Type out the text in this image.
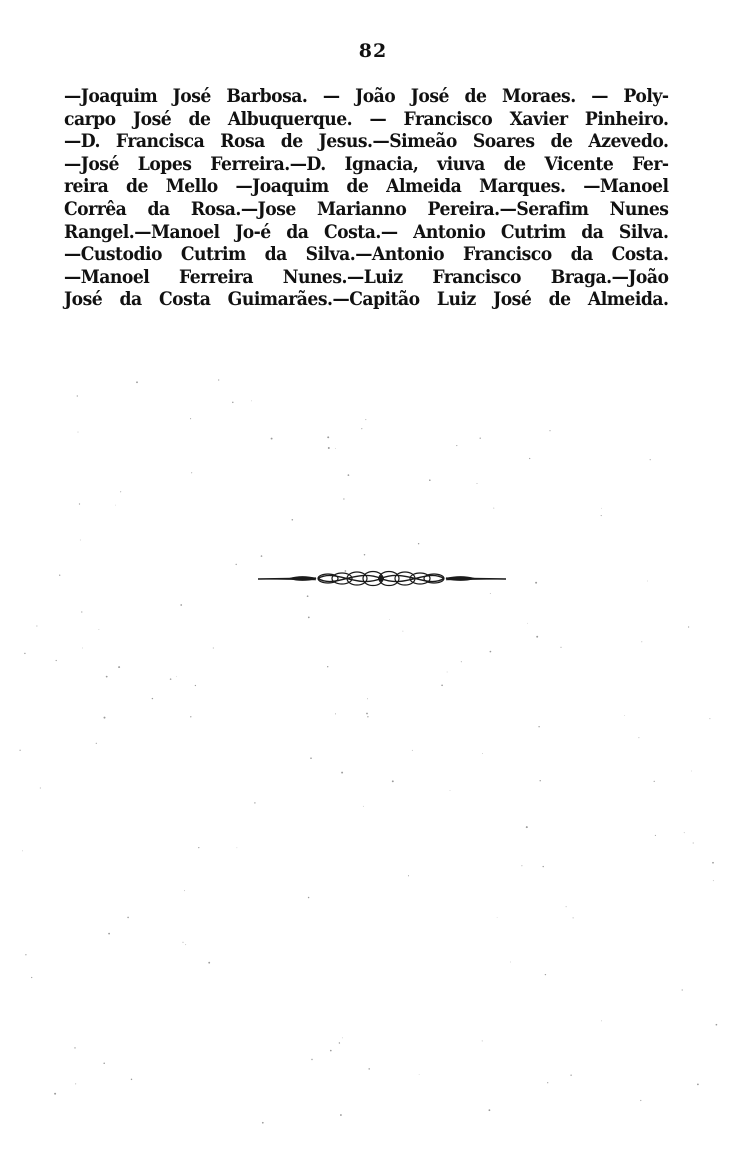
82
—Joaquim José Barbosa. — João José de Moraes. — Poly-
carpo José de Albuquerque. — Francisco Xavier Pinheiro.
—D. Francisca Rosa de Jesus.—Simeão Soares de Azevedo.
—José Lopes Ferreira.—D. Ignacia, viuva de Vicente Fer-
reira de Mello —Joaquim de Almeida Marques. —Manoel
Corrêa da Rosa.—Jose Marianno Pereira.—Serafim Nunes
Rangel.—Manoel Jo-é da Costa.— Antonio Cutrim da Silva.
—Custodio Cutrim da Silva.—Antonio Francisco da Costa.
—Manoel Ferreira Nunes.—Luiz Francisco Braga.—João
José da Costa Guimarães.—Capitão Luiz José de Almeida.
